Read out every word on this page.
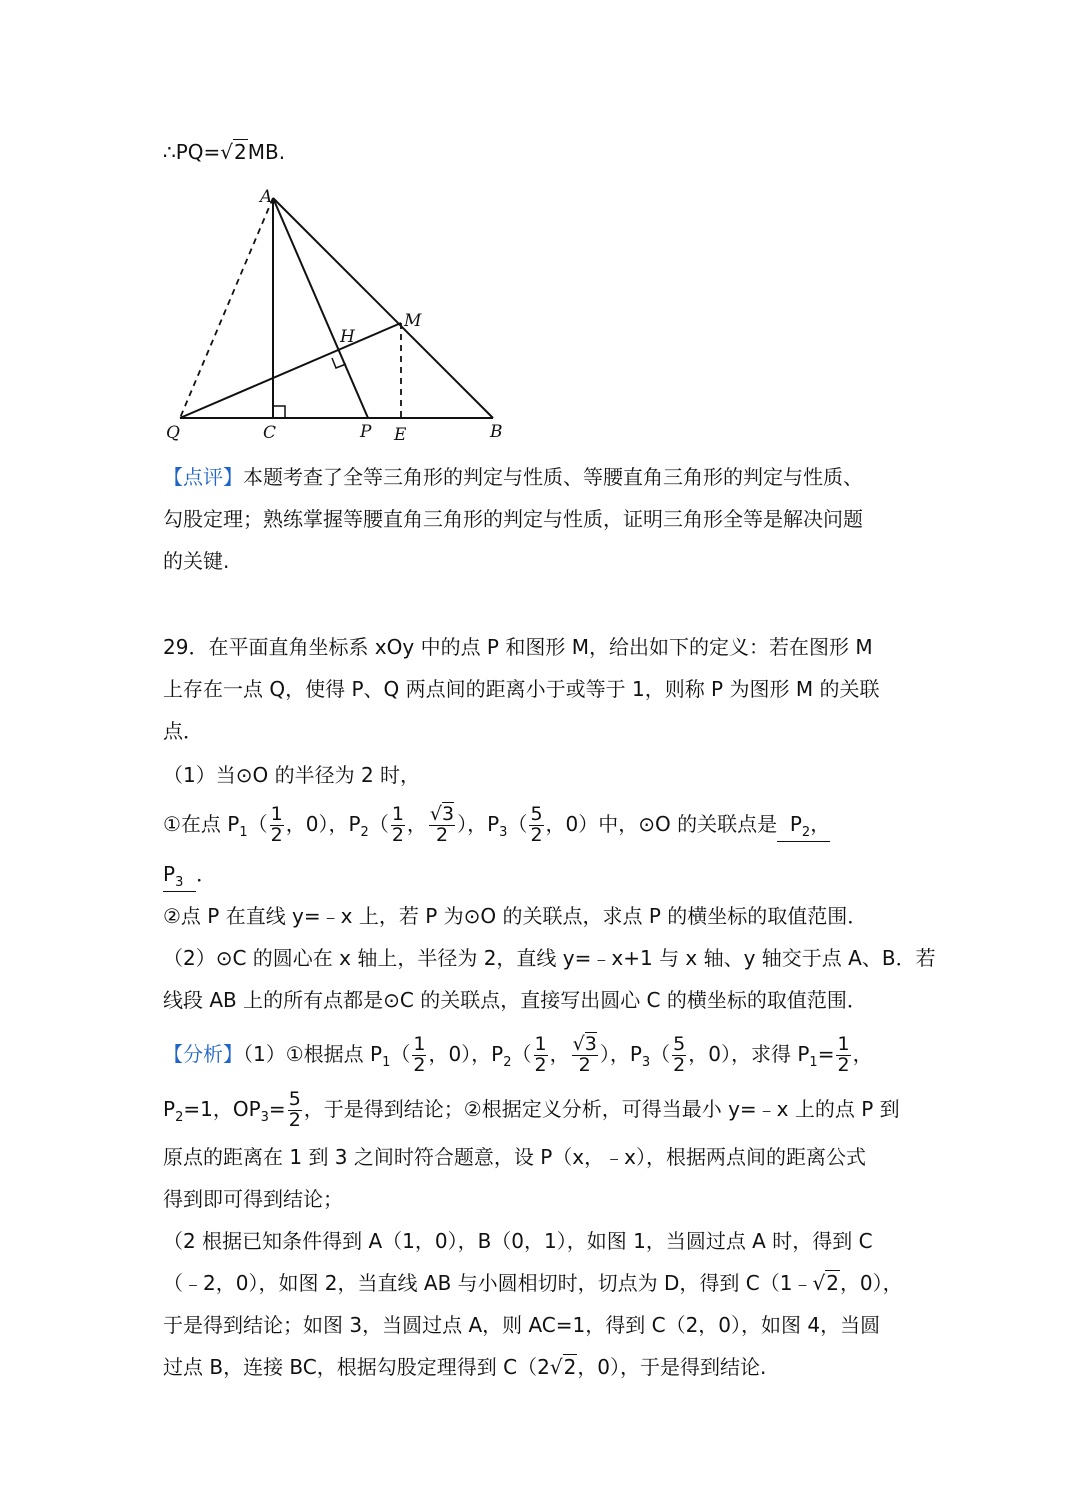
∴PQ=√2MB.
A
M
H
Q	C	P E	B
【点评】本题考查了全等三角形的判定与性质、等腰直角三角形的判定与性质、
勾股定理；熟练掌握等腰直角三角形的判定与性质，证明三角形全等是解决问题
的关键.
29．在平面直角坐标系 xOy 中的点 P 和图形 M，给出如下的定义：若在图形 M
上存在一点 Q，使得 P、Q 两点间的距离小于或等于 1，则称 P 为图形 M 的关联
点．
（1）当⊙O 的半径为 2 时，
①在点 $P_1( \frac{1}{2}$ ，0），$P_2( \frac{1}{2}$ ， $\frac{√3}{2}$ ），$P_3( \frac{5}{2}$ ，0）中，⊙O 的关联点是  $P_2$，
$P_3$ ．
②点 P 在直线 y=﹣x 上，若 P 为⊙O 的关联点，求点 P 的横坐标的取值范围．
（2）⊙C 的圆心在 x 轴上，半径为 2，直线 y=﹣x+1 与 x 轴、y 轴交于点 A、B．若
线段 AB 上的所有点都是⊙C 的关联点，直接写出圆心 C 的横坐标的取值范围．
【分析】（1）①根据点 $P_1( \frac{1}{2}$ ，0），$P_2( \frac{1}{2}$ ， $\frac{√3}{2}$ ），$P_3( \frac{5}{2}$ ，0），求得 $P_1= \frac{1}{2}$ ，
$P_2=1$，$OP_3= \frac{5}{2}$ ，于是得到结论；②根据定义分析，可得当最小 y=﹣x 上的点 P 到
原点的距离在 1 到 3 之间时符合题意，设 P（x，﹣x），根据两点间的距离公式
得到即可得到结论；
（2 根据已知条件得到 A（1，0），B（0，1），如图 1，当圆过点 A 时，得到 C
（﹣2，0），如图 2，当直线 AB 与小圆相切时，切点为 D，得到 C（1﹣√2，0），
于是得到结论；如图 3，当圆过点 A，则 AC=1，得到 C（2，0），如图 4，当圆
过点 B，连接 BC，根据勾股定理得到 C（2√2，0），于是得到结论.
